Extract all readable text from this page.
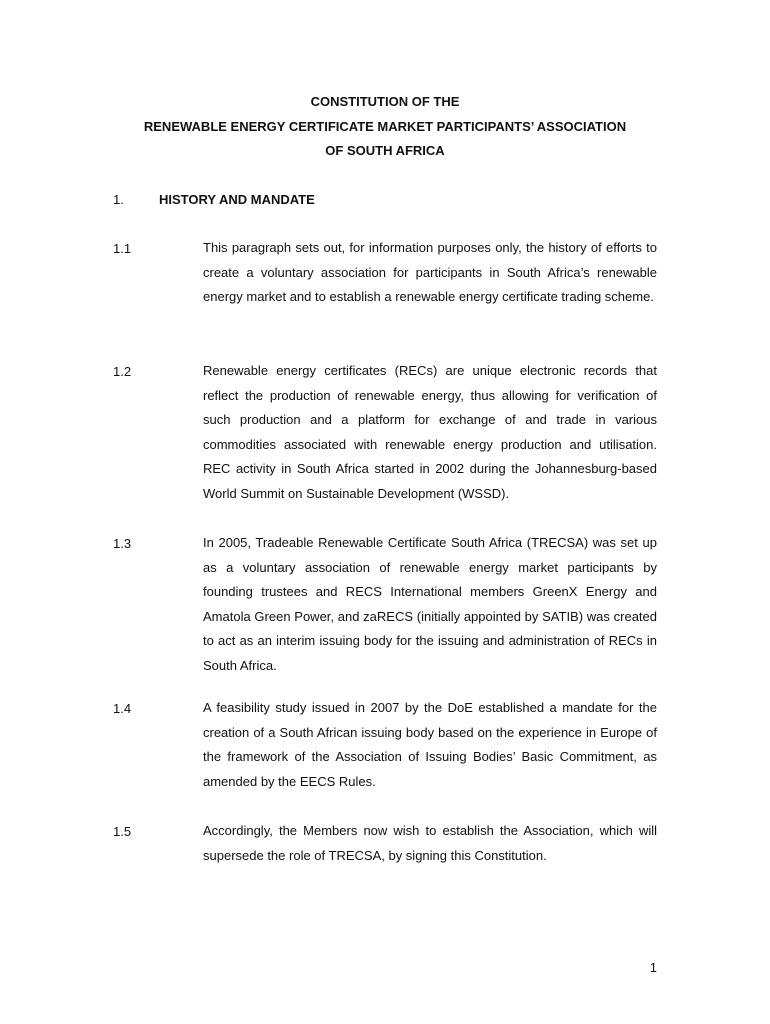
CONSTITUTION OF THE
RENEWABLE ENERGY CERTIFICATE MARKET PARTICIPANTS’ ASSOCIATION
OF SOUTH AFRICA
1.	HISTORY AND MANDATE
1.1	This paragraph sets out, for information purposes only, the history of efforts to create a voluntary association for participants in South Africa’s renewable energy market and to establish a renewable energy certificate trading scheme.

1.2	Renewable energy certificates (RECs) are unique electronic records that reflect the production of renewable energy, thus allowing for verification of such production and a platform for exchange of and trade in various commodities associated with renewable energy production and utilisation. REC activity in South Africa started in 2002 during the Johannesburg-based World Summit on Sustainable Development (WSSD).

1.3	In 2005, Tradeable Renewable Certificate South Africa (TRECSA) was set up as a voluntary association of renewable energy market participants by founding trustees and RECS International members GreenX Energy and Amatola Green Power, and zaRECS (initially appointed by SATIB) was created to act as an interim issuing body for the issuing and administration of RECs in South Africa.

1.4	A feasibility study issued in 2007 by the DoE established a mandate for the creation of a South African issuing body based on the experience in Europe of the framework of the Association of Issuing Bodies’ Basic Commitment, as amended by the EECS Rules.

1.5	Accordingly, the Members now wish to establish the Association, which will supersede the role of TRECSA, by signing this Constitution.

1
